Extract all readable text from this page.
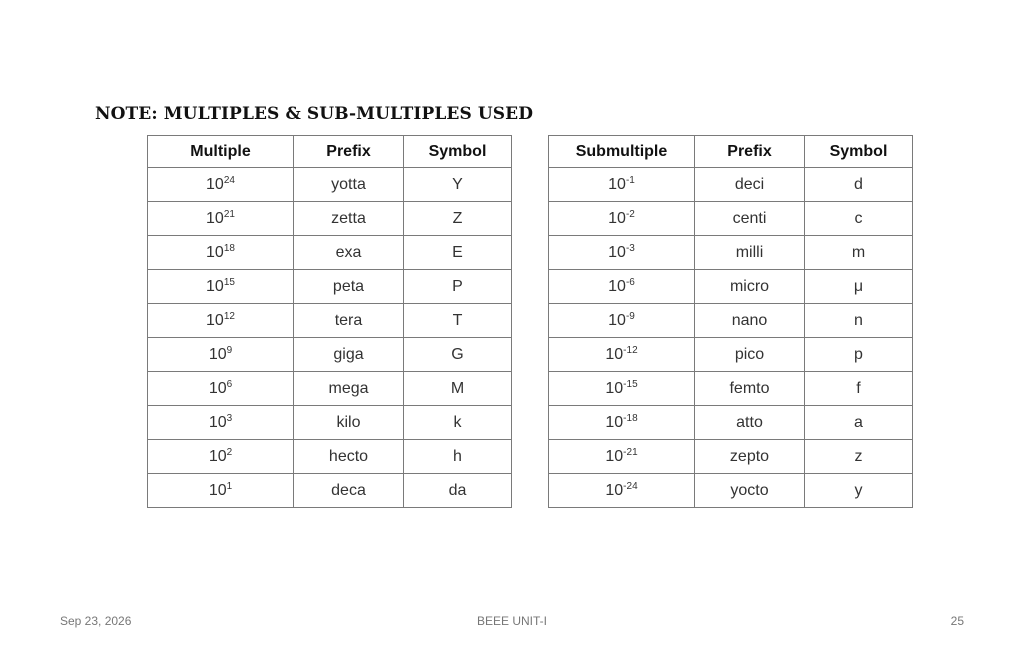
NOTE: MULTIPLES & SUB-MULTIPLES USED
Multiple	Prefix	Symbol
$10^{24}$	yotta	Y
$10^{21}$	zetta	Z
$10^{18}$	exa	E
$10^{15}$	peta	P
$10^{12}$	tera	T
$10^9$	giga	G
$10^6$	mega	M
$10^3$	kilo	k
$10^2$	hecto	h
$10^1$	deca	da
Submultiple	Prefix	Symbol
$10^{-1}$	deci	d
$10^{-2}$	centi	c
$10^{-3}$	milli	m
$10^{-6}$	micro	μ
$10^{-9}$	nano	n
$10^{-12}$	pico	p
$10^{-15}$	femto	f
$10^{-18}$	atto	a
$10^{-21}$	zepto	z
$10^{-24}$	yocto	y
Sep 23, 2026	BEEE UNIT-I	25
